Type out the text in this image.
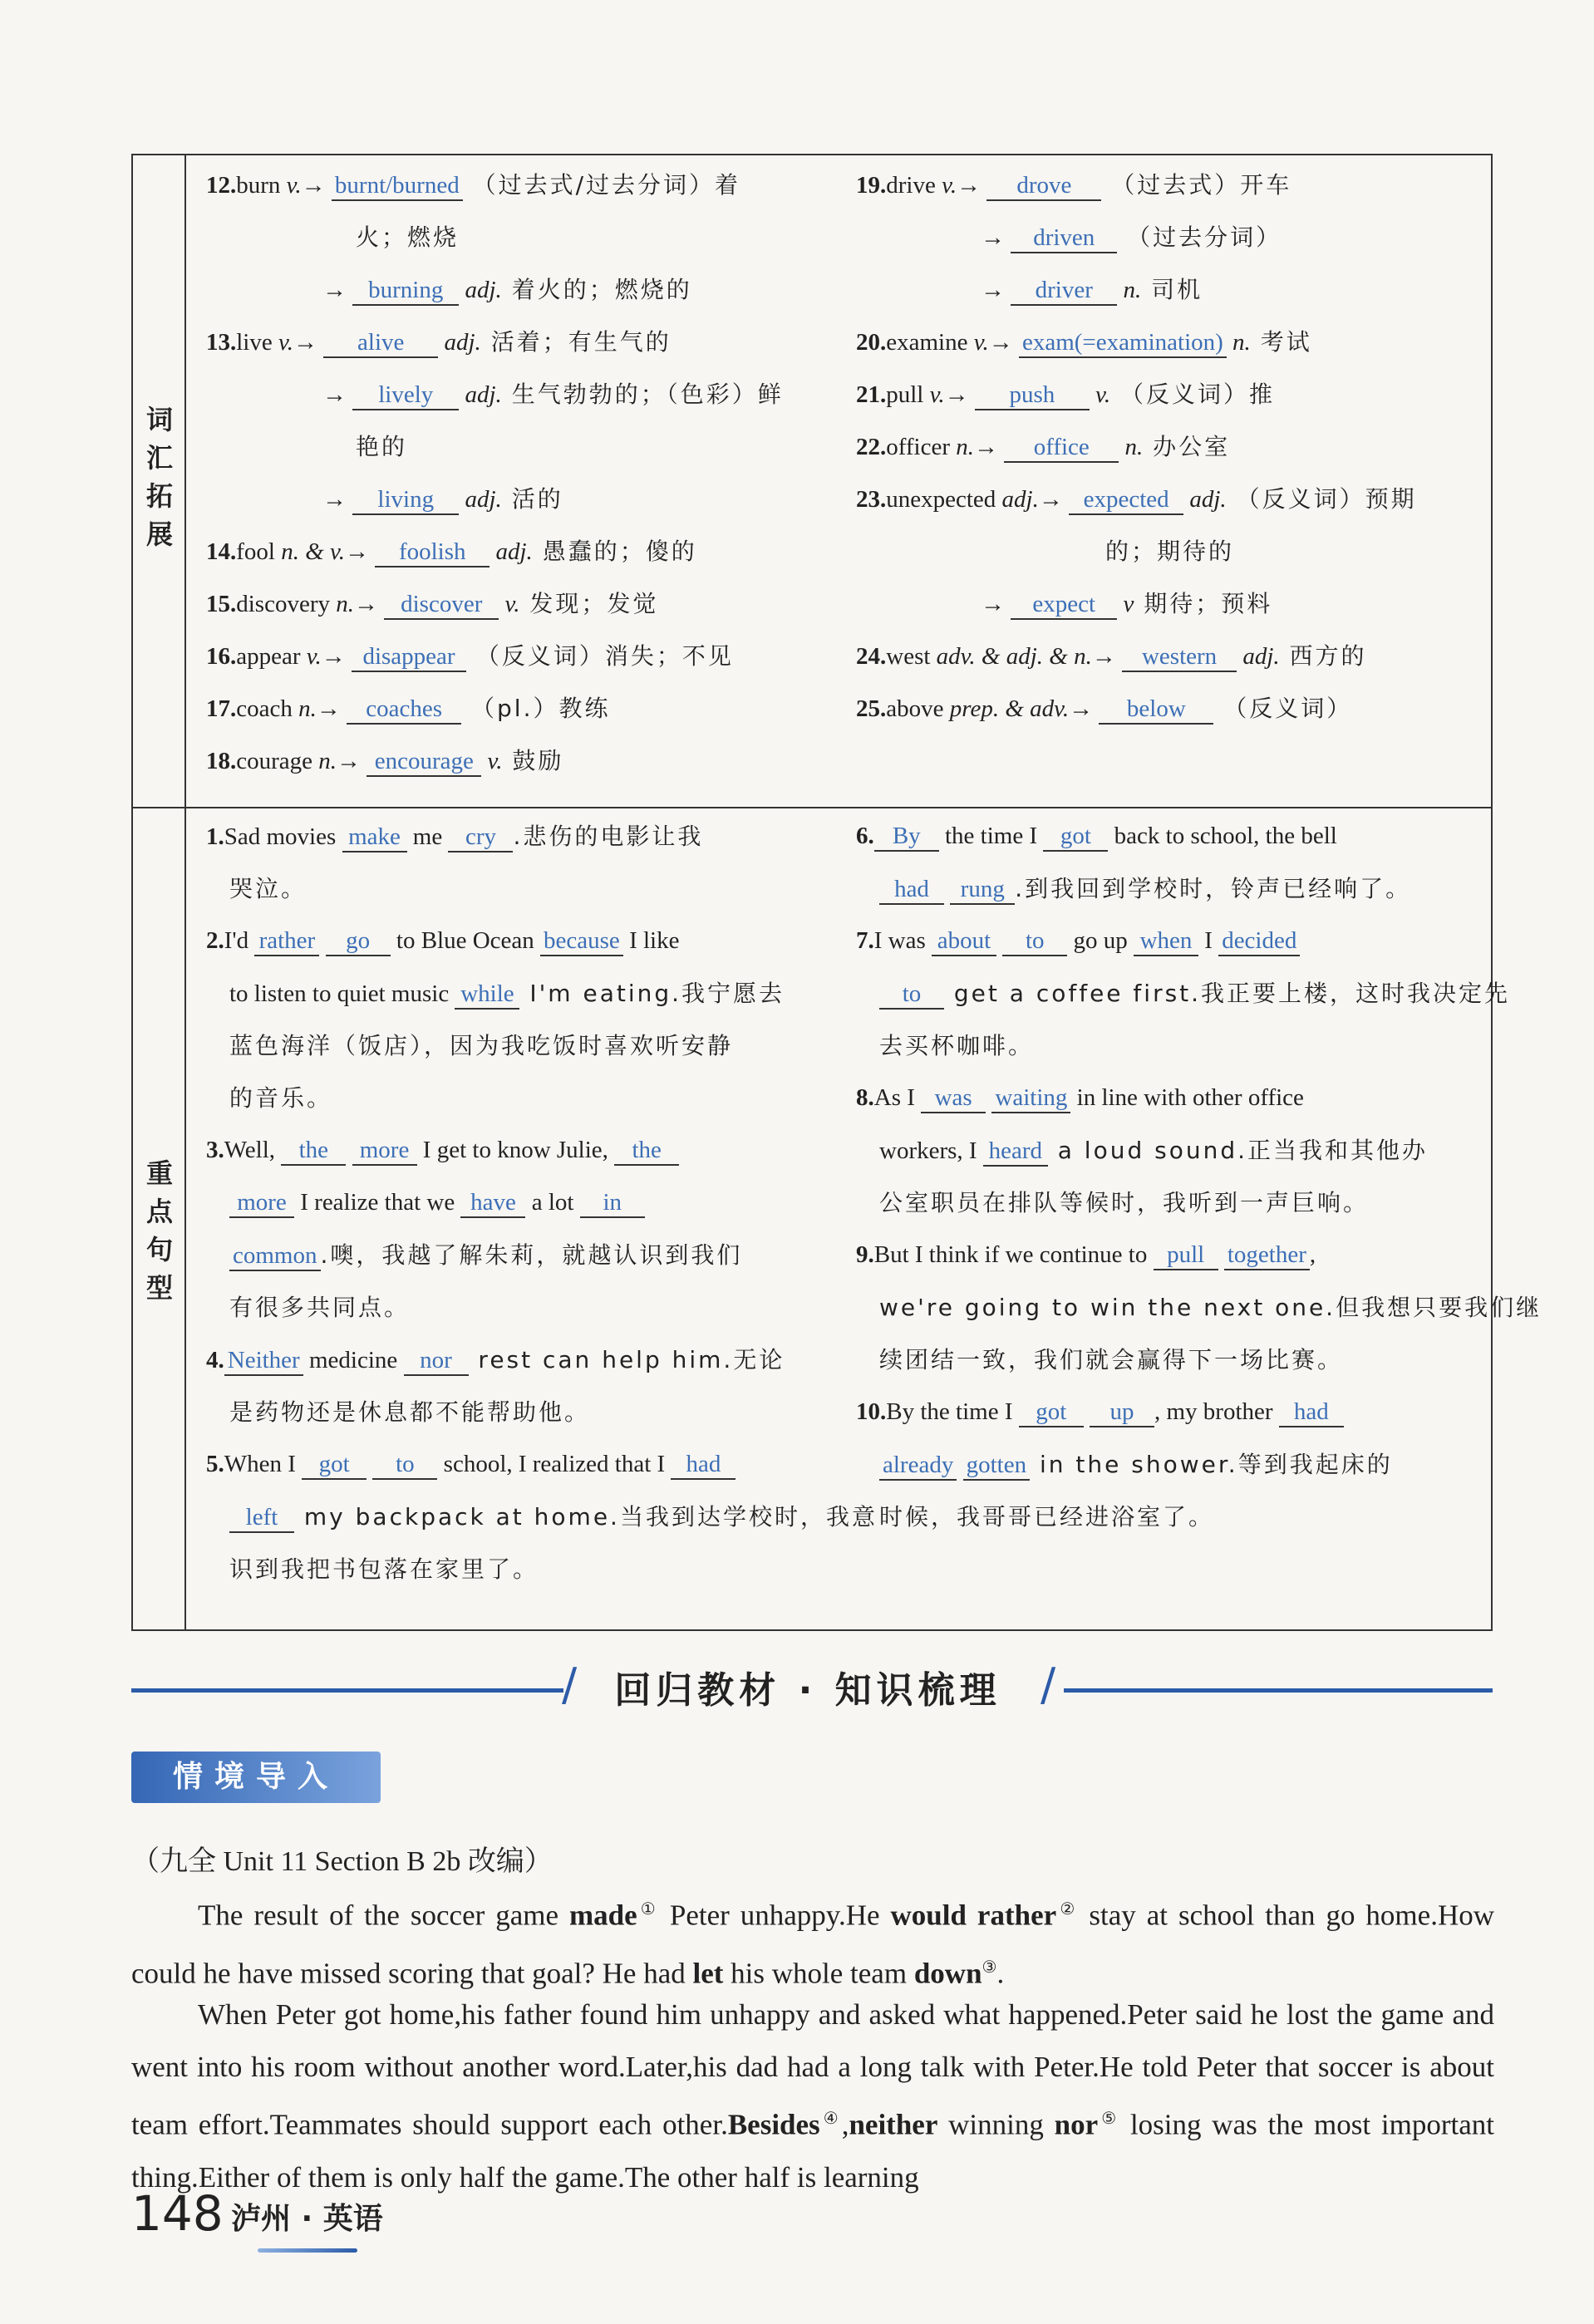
词
汇
拓
展
12.burn v.→ burnt/burned （过去式/过去分词）着
火；燃烧
→ burning adj. 着火的；燃烧的
13.live v.→ alive adj. 活着；有生气的
→ lively adj. 生气勃勃的；（色彩）鲜
艳的
→ living adj. 活的
14.fool n. & v.→ foolish adj. 愚蠢的；傻的
15.discovery n.→ discover v. 发现；发觉
16.appear v.→ disappear （反义词）消失；不见
17.coach n.→ coaches （pl.）教练
18.courage n.→ encourage v. 鼓励
19.drive v.→ drove （过去式）开车
→ driven （过去分词）
→ driver n. 司机
20.examine v.→ exam(=examination) n. 考试
21.pull v.→ push v. （反义词）推
22.officer n.→ office n. 办公室
23.unexpected adj.→ expected adj. （反义词）预期
的；期待的
→ expect v 期待；预料
24.west adv. & adj. & n.→ western adj. 西方的
25.above prep. & adv.→ below （反义词）
重
点
句
型
1.Sad movies make me cry .悲伤的电影让我
哭泣。
2.I'd rather go to Blue Ocean because I like
to listen to quiet music while I'm eating.我宁愿去
蓝色海洋（饭店），因为我吃饭时喜欢听安静
的音乐。
3.Well, the more I get to know Julie, the
more I realize that we have a lot in
common .噢，我越了解朱莉，就越认识到我们
有很多共同点。
4. Neither medicine nor rest can help him.无论
是药物还是休息都不能帮助他。
5.When I got to school, I realized that I had
left my backpack at home.当我到达学校时，我意
识到我把书包落在家里了。
6. By the time I got back to school, the bell
had rung .到我回到学校时，铃声已经响了。
7.I was about to go up when I decided
to get a coffee first.我正要上楼，这时我决定先
去买杯咖啡。
8.As I was waiting in line with other office
workers, I heard a loud sound.正当我和其他办
公室职员在排队等候时，我听到一声巨响。
9.But I think if we continue to pull together ,
we're going to win the next one.但我想只要我们继
续团结一致，我们就会赢得下一场比赛。
10.By the time I got up , my brother had
already gotten in the shower.等到我起床的
时候，我哥哥已经进浴室了。
/	回归教材 · 知识梳理 /
情境导入
（九全 Unit 11 Section B 2b 改编）
The result of the soccer game made① Peter unhappy.He would rather② stay at school than go home.How could he have missed scoring that goal? He had let his whole team down③.
When Peter got home,his father found him unhappy and asked what happened.Peter said he lost the game and went into his room without another word.Later,his dad had a long talk with Peter.He told Peter that soccer is about team effort.Teammates should support each other.Besides④,neither winning nor⑤ losing was the most important thing.Either of them is only half the game.The other half is learning
148 泸州 · 英语
